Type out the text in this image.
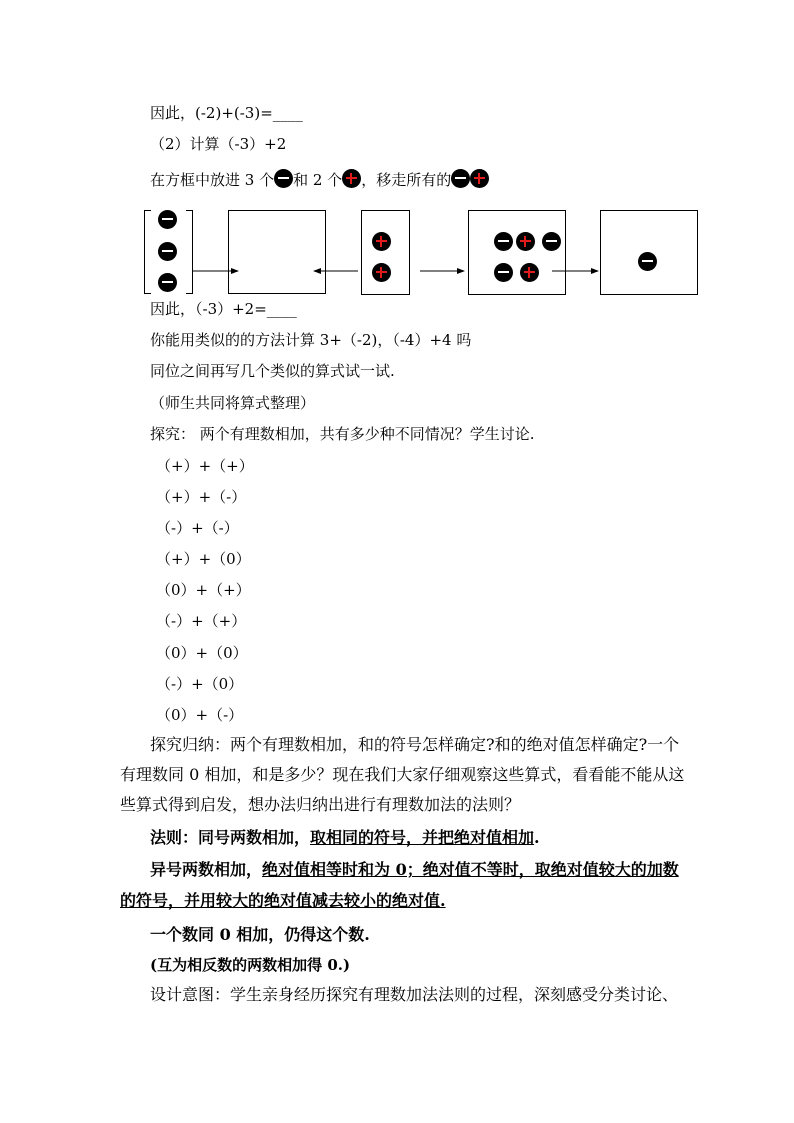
因此，(-2)+(-3)=____
（2）计算（-3）+2
在方框中放进 3 个 和 2 个 ，移走所有的
因此，（-3）+2=____
你能用类似的的方法计算 3+（-2)，（-4）+4 吗
同位之间再写几个类似的算式试一试.
（师生共同将算式整理）
探究： 两个有理数相加，共有多少种不同情况？学生讨论.
（+）+（+）
（+）+（-）
（-）+（-）
（+）+（0）
（0）+（+）
（-）+（+）
（0）+（0）
（-）+（0）
（0）+（-）
探究归纳：两个有理数相加，和的符号怎样确定?和的绝对值怎样确定?一个
有理数同 0 相加，和是多少？现在我们大家仔细观察这些算式，看看能不能从这
些算式得到启发，想办法归纳出进行有理数加法的法则？
法则：同号两数相加，取相同的符号，并把绝对值相加.
异号两数相加，绝对值相等时和为 0；绝对值不等时，取绝对值较大的加数
的符号，并用较大的绝对值减去较小的绝对值.
一个数同 0 相加，仍得这个数.
(互为相反数的两数相加得 0.)
设计意图：学生亲身经历探究有理数加法法则的过程，深刻感受分类讨论、
